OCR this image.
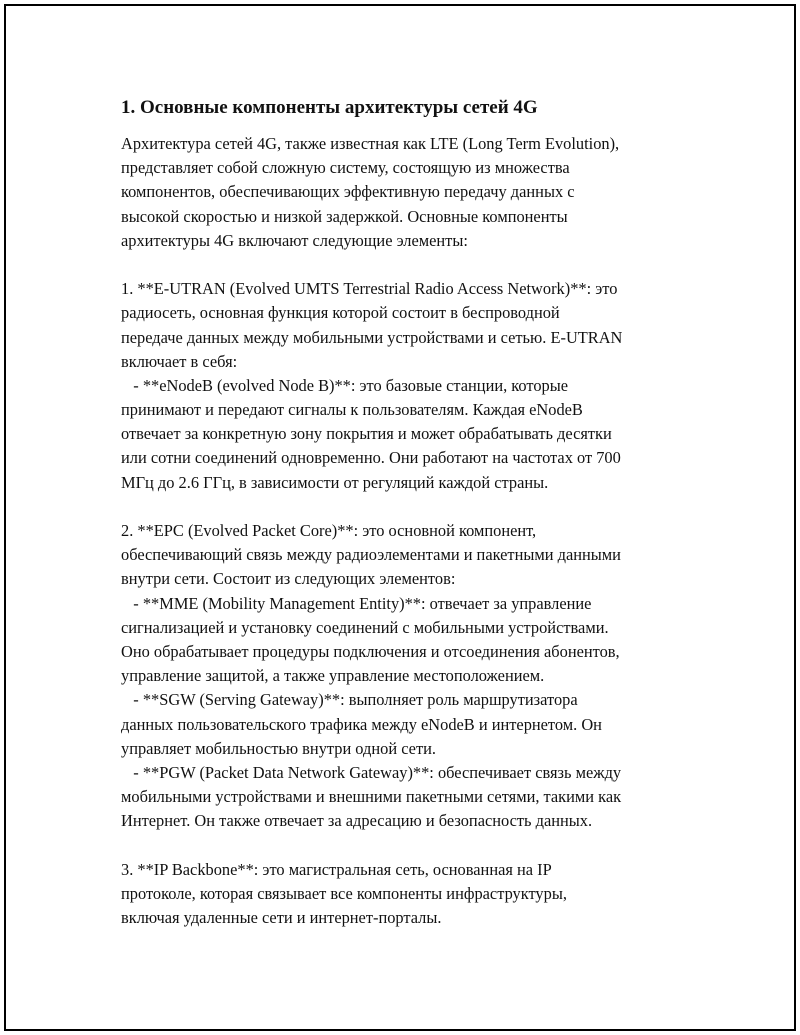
1. Основные компоненты архитектуры сетей 4G
Архитектура сетей 4G, также известная как LTE (Long Term Evolution),
представляет собой сложную систему, состоящую из множества
компонентов, обеспечивающих эффективную передачу данных с
высокой скоростью и низкой задержкой. Основные компоненты
архитектуры 4G включают следующие элементы:
1. **E-UTRAN (Evolved UMTS Terrestrial Radio Access Network)**: это
радиосеть, основная функция которой состоит в беспроводной
передаче данных между мобильными устройствами и сетью. E-UTRAN
включает в себя:
- **eNodeB (evolved Node B)**: это базовые станции, которые
принимают и передают сигналы к пользователям. Каждая eNodeB
отвечает за конкретную зону покрытия и может обрабатывать десятки
или сотни соединений одновременно. Они работают на частотах от 700
МГц до 2.6 ГГц, в зависимости от регуляций каждой страны.
2. **EPC (Evolved Packet Core)**: это основной компонент,
обеспечивающий связь между радиоэлементами и пакетными данными
внутри сети. Состоит из следующих элементов:
- **MME (Mobility Management Entity)**: отвечает за управление
сигнализацией и установку соединений с мобильными устройствами.
Оно обрабатывает процедуры подключения и отсоединения абонентов,
управление защитой, а также управление местоположением.
- **SGW (Serving Gateway)**: выполняет роль маршрутизатора
данных пользовательского трафика между eNodeB и интернетом. Он
управляет мобильностью внутри одной сети.
- **PGW (Packet Data Network Gateway)**: обеспечивает связь между
мобильными устройствами и внешними пакетными сетями, такими как
Интернет. Он также отвечает за адресацию и безопасность данных.
3. **IP Backbone**: это магистральная сеть, основанная на IP
протоколе, которая связывает все компоненты инфраструктуры,
включая удаленные сети и интернет-порталы.
